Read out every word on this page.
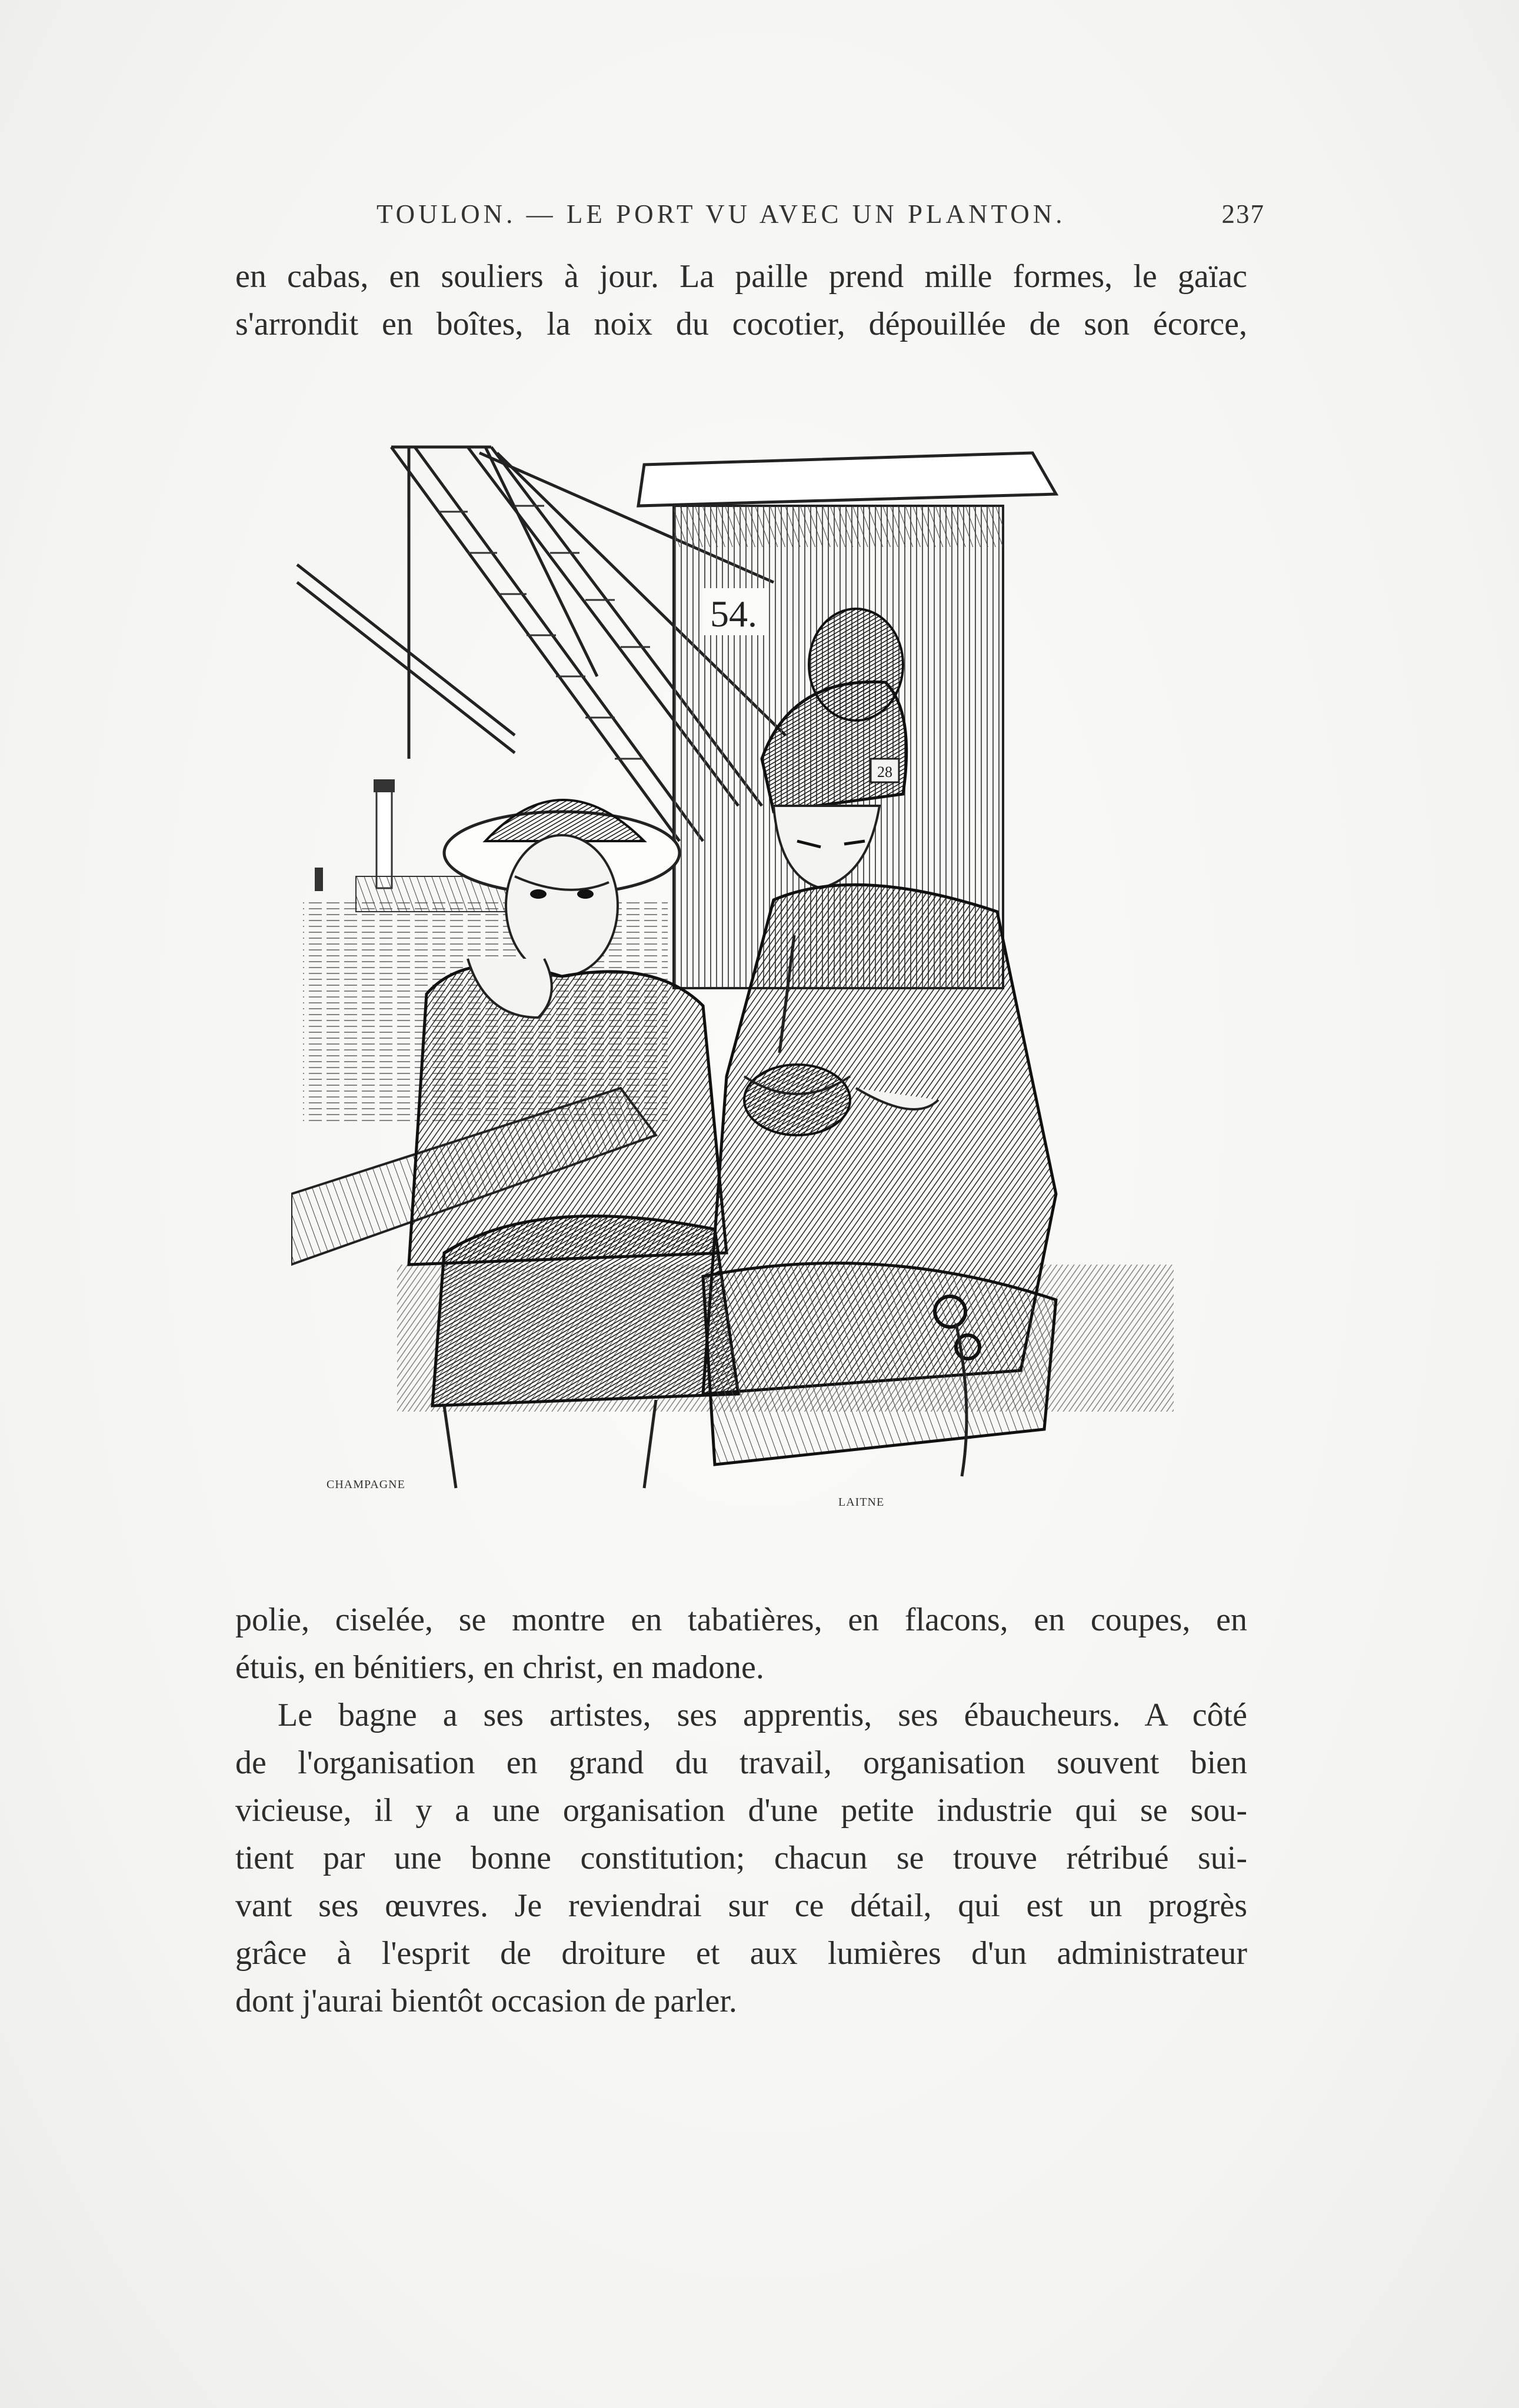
TOULON. — LE PORT VU AVEC UN PLANTON.	237
en cabas, en souliers à jour. La paille prend mille formes, le gaïac
s'arrondit en boîtes, la noix du cocotier, dépouillée de son écorce,
54.
28
CHAMPAGNE
LAITNE
polie, ciselée, se montre en tabatières, en flacons, en coupes, en
étuis, en bénitiers, en christ, en madone.
Le bagne a ses artistes, ses apprentis, ses ébaucheurs. A côté
de l'organisation en grand du travail, organisation souvent bien
vicieuse, il y a une organisation d'une petite industrie qui se sou-
tient par une bonne constitution; chacun se trouve rétribué sui-
vant ses œuvres. Je reviendrai sur ce détail, qui est un progrès
grâce à l'esprit de droiture et aux lumières d'un administrateur
dont j'aurai bientôt occasion de parler.
